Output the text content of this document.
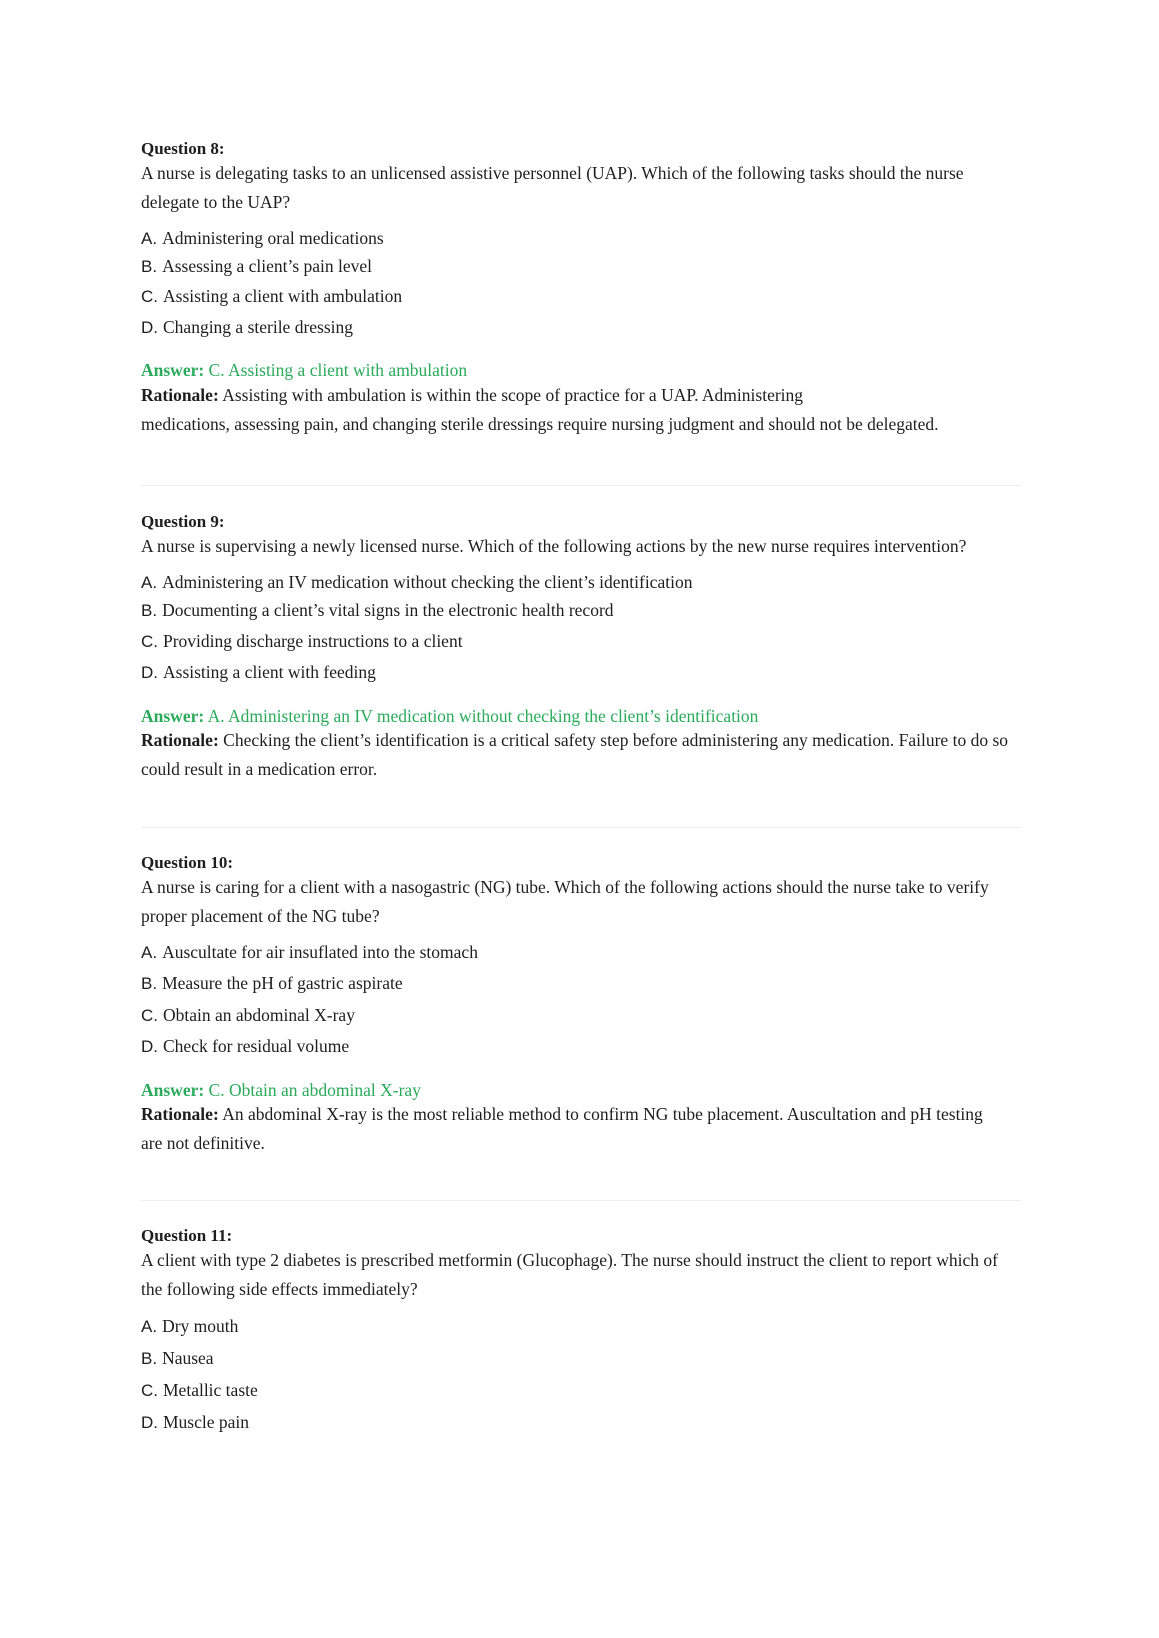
Question 8:
A nurse is delegating tasks to an unlicensed assistive personnel (UAP). Which of the following tasks should the nurse delegate to the UAP?
A. Administering oral medications
B. Assessing a client’s pain level
C. Assisting a client with ambulation
D. Changing a sterile dressing
Answer: C. Assisting a client with ambulation
Rationale: Assisting with ambulation is within the scope of practice for a UAP. Administering
medications, assessing pain, and changing sterile dressings require nursing judgment and should not be delegated.
Question 9:
A nurse is supervising a newly licensed nurse. Which of the following actions by the new nurse requires intervention?
A. Administering an IV medication without checking the client’s identification
B. Documenting a client’s vital signs in the electronic health record
C. Providing discharge instructions to a client
D. Assisting a client with feeding
Answer: A. Administering an IV medication without checking the client’s identification
Rationale: Checking the client’s identification is a critical safety step before administering any medication. Failure to do so
could result in a medication error.
Question 10:
A nurse is caring for a client with a nasogastric (NG) tube. Which of the following actions should the nurse take to verify proper placement of the NG tube?
A. Auscultate for air insuflated into the stomach
B. Measure the pH of gastric aspirate
C. Obtain an abdominal X-ray
D. Check for residual volume
Answer: C. Obtain an abdominal X-ray
Rationale: An abdominal X-ray is the most reliable method to confirm NG tube placement. Auscultation and pH testing
are not definitive.
Question 11:
A client with type 2 diabetes is prescribed metformin (Glucophage). The nurse should instruct the client to report which of the following side effects immediately?
A. Dry mouth
B. Nausea
C. Metallic taste
D. Muscle pain
